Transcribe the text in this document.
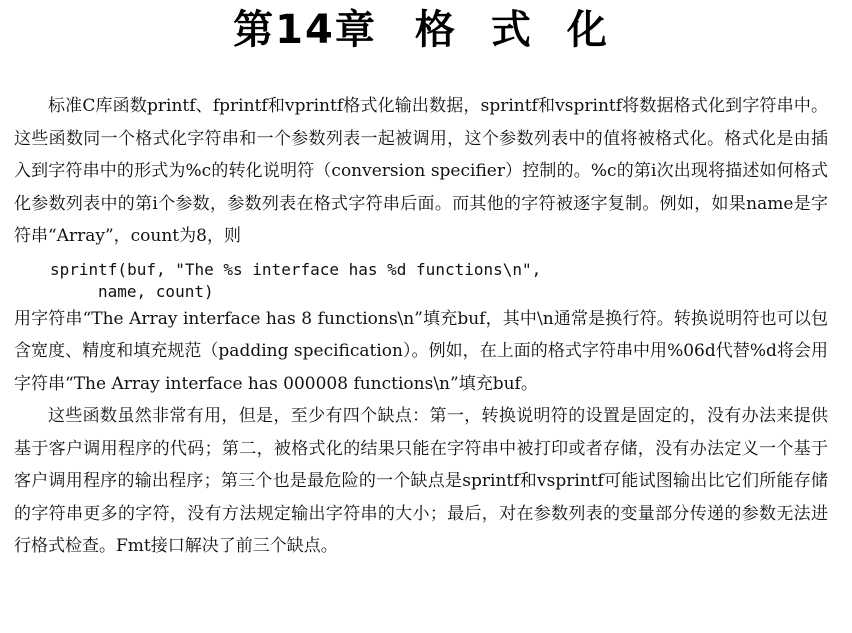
第14章 格 式 化

标准C库函数printf、fprintf和vprintf格式化输出数据，sprintf和vsprintf将数据格式化到字符串中。这些函数同一个格式化字符串和一个参数列表一起被调用，这个参数列表中的值将被格式化。格式化是由插入到字符串中的形式为%c的转化说明符（conversion specifier）控制的。%c的第i次出现将描述如何格式化参数列表中的第i个参数，参数列表在格式字符串后面。而其他的字符被逐字复制。例如，如果name是字符串“Array”，count为8，则

sprintf(buf, "The %s interface has %d functions\n",
name, count)

用字符串“The Array interface has 8 functions\n”填充buf，其中\n通常是换行符。转换说明符也可以包含宽度、精度和填充规范（padding specification）。例如，在上面的格式字符串中用%06d代替%d将会用字符串“The Array interface has 000008 functions\n”填充buf。

这些函数虽然非常有用，但是，至少有四个缺点：第一，转换说明符的设置是固定的，没有办法来提供基于客户调用程序的代码；第二，被格式化的结果只能在字符串中被打印或者存储，没有办法定义一个基于客户调用程序的输出程序；第三个也是最危险的一个缺点是sprintf和vsprintf可能试图输出比它们所能存储的字符串更多的字符，没有方法规定输出字符串的大小；最后，对在参数列表的变量部分传递的参数无法进行格式检查。Fmt接口解决了前三个缺点。
